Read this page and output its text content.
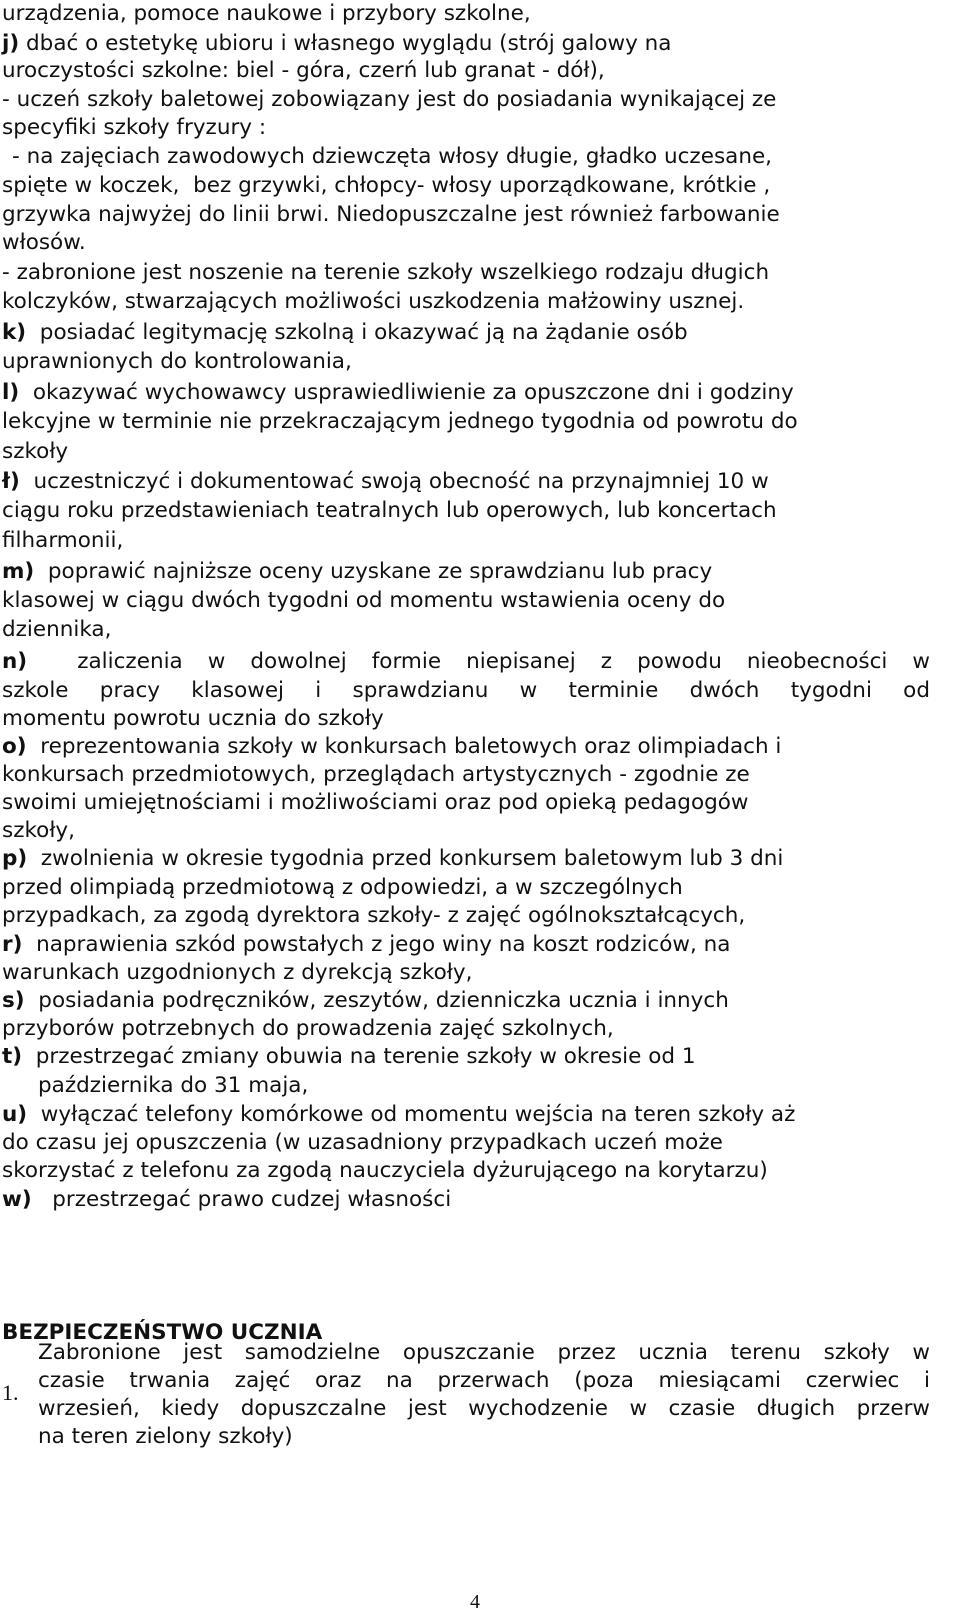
urządzenia, pomoce naukowe i przybory szkolne,
j) dbać o estetykę ubioru i własnego wyglądu (strój galowy na
uroczystości szkolne: biel - góra, czerń lub granat - dół),
- uczeń szkoły baletowej zobowiązany jest do posiadania wynikającej ze
specyfiki szkoły fryzury :
- na zajęciach zawodowych dziewczęta włosy długie, gładko uczesane,
spięte w koczek,  bez grzywki, chłopcy- włosy uporządkowane, krótkie ,
grzywka najwyżej do linii brwi. Niedopuszczalne jest również farbowanie
włosów.
- zabronione jest noszenie na terenie szkoły wszelkiego rodzaju długich
kolczyków, stwarzających możliwości uszkodzenia małżowiny usznej.
k)  posiadać legitymację szkolną i okazywać ją na żądanie osób
uprawnionych do kontrolowania,
l)  okazywać wychowawcy usprawiedliwienie za opuszczone dni i godziny
lekcyjne w terminie nie przekraczającym jednego tygodnia od powrotu do
szkoły
ł)  uczestniczyć i dokumentować swoją obecność na przynajmniej 10 w
ciągu roku przedstawieniach teatralnych lub operowych, lub koncertach
filharmonii,
m)  poprawić najniższe oceny uzyskane ze sprawdzianu lub pracy
klasowej w ciągu dwóch tygodni od momentu wstawienia oceny do
dziennika,
n)  zaliczenia w dowolnej formie niepisanej z powodu nieobecności w
szkole pracy klasowej i sprawdzianu w terminie dwóch tygodni od
momentu powrotu ucznia do szkoły
o)  reprezentowania szkoły w konkursach baletowych oraz olimpiadach i
konkursach przedmiotowych, przeglądach artystycznych - zgodnie ze
swoimi umiejętnościami i możliwościami oraz pod opieką pedagogów
szkoły,
p)  zwolnienia w okresie tygodnia przed konkursem baletowym lub 3 dni
przed olimpiadą przedmiotową z odpowiedzi, a w szczególnych
przypadkach, za zgodą dyrektora szkoły- z zajęć ogólnokształcących,
r)  naprawienia szkód powstałych z jego winy na koszt rodziców, na
warunkach uzgodnionych z dyrekcją szkoły,
s)  posiadania podręczników, zeszytów, dzienniczka ucznia i innych
przyborów potrzebnych do prowadzenia zajęć szkolnych,
t)  przestrzegać zmiany obuwia na terenie szkoły w okresie od 1
października do 31 maja,
u)  wyłączać telefony komórkowe od momentu wejścia na teren szkoły aż
do czasu jej opuszczenia (w uzasadniony przypadkach uczeń może
skorzystać z telefonu za zgodą nauczyciela dyżurującego na korytarzu)
w)   przestrzegać prawo cudzej własności
BEZPIECZEŃSTWO UCZNIA
1.
Zabronione jest samodzielne opuszczanie przez ucznia terenu szkoły w
czasie trwania zajęć oraz na przerwach (poza miesiącami czerwiec i
wrzesień, kiedy dopuszczalne jest wychodzenie w czasie długich przerw
na teren zielony szkoły)
4
